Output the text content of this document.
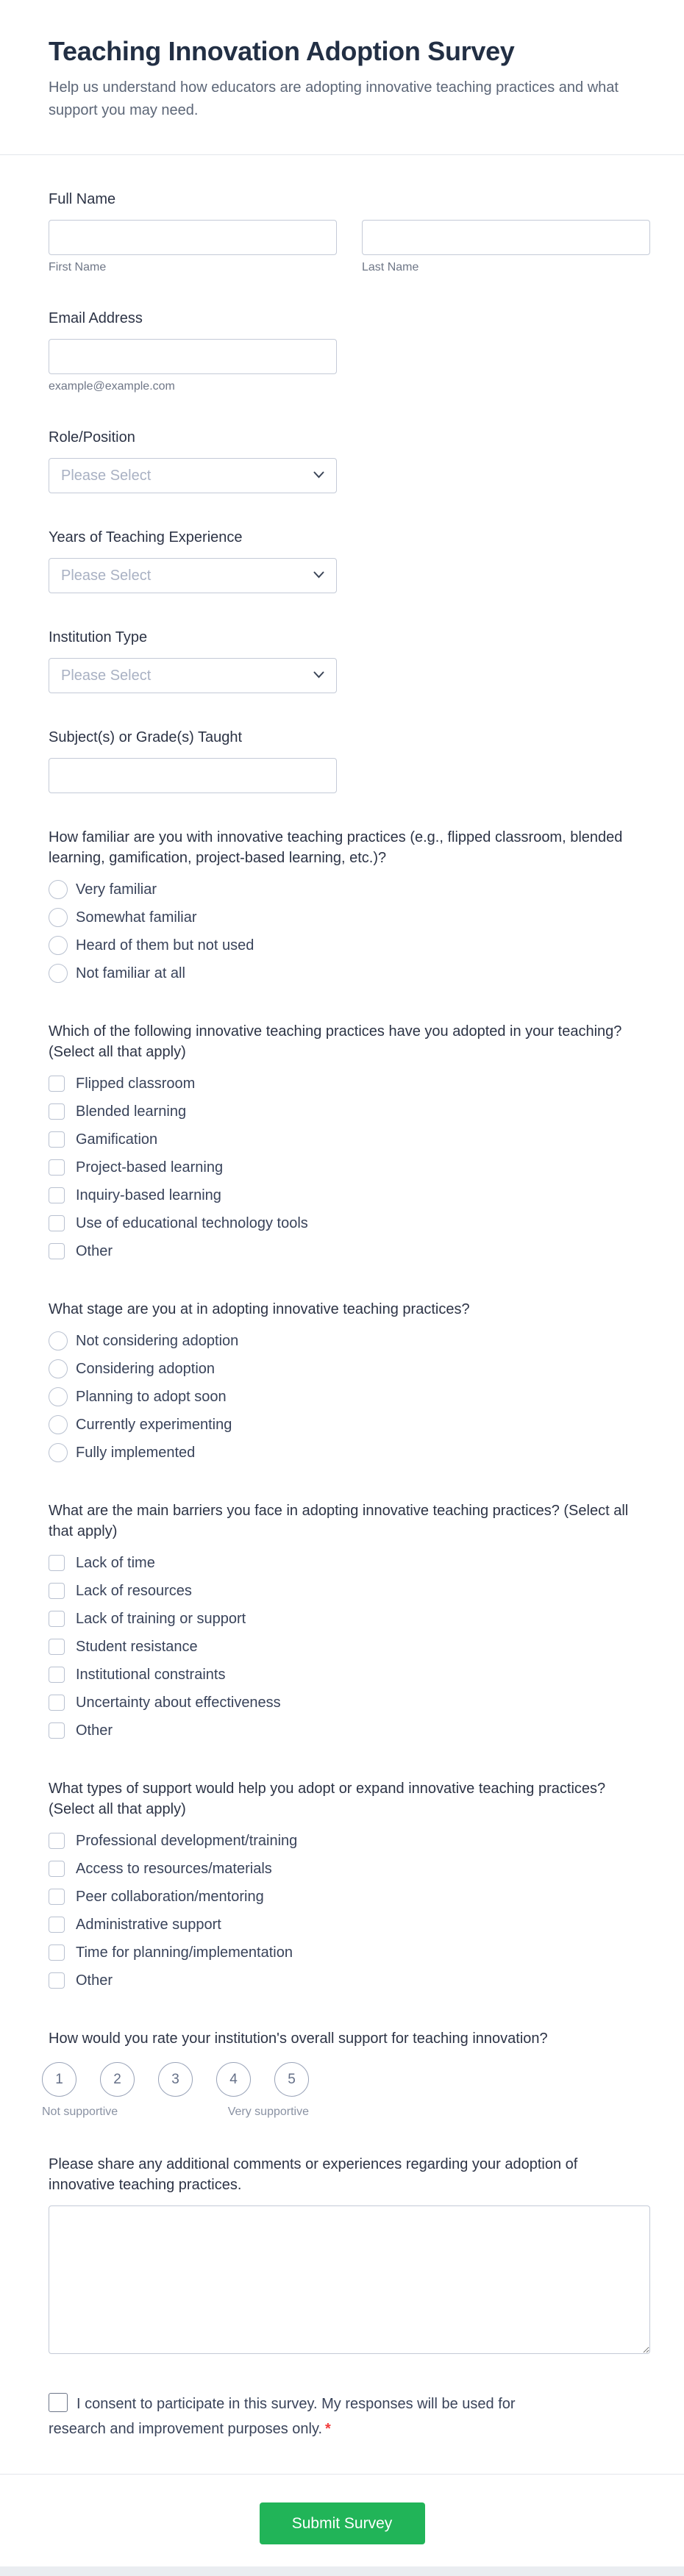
Teaching Innovation Adoption Survey
Help us understand how educators are adopting innovative teaching practices and what support you may need.
Full Name
First Name	Last Name
Email Address
example@example.com
Role/Position
Please Select
Years of Teaching Experience
Please Select
Institution Type
Please Select
Subject(s) or Grade(s) Taught
How familiar are you with innovative teaching practices (e.g., flipped classroom, blended learning, gamification, project-based learning, etc.)?
Very familiar
Somewhat familiar
Heard of them but not used
Not familiar at all
Which of the following innovative teaching practices have you adopted in your teaching? (Select all that apply)
Flipped classroom
Blended learning
Gamification
Project-based learning
Inquiry-based learning
Use of educational technology tools
Other
What stage are you at in adopting innovative teaching practices?
Not considering adoption
Considering adoption
Planning to adopt soon
Currently experimenting
Fully implemented
What are the main barriers you face in adopting innovative teaching practices? (Select all that apply)
Lack of time
Lack of resources
Lack of training or support
Student resistance
Institutional constraints
Uncertainty about effectiveness
Other
What types of support would help you adopt or expand innovative teaching practices? (Select all that apply)
Professional development/training
Access to resources/materials
Peer collaboration/mentoring
Administrative support
Time for planning/implementation
Other
How would you rate your institution's overall support for teaching innovation?
1	2	3	4	5
Not supportive	Very supportive
Please share any additional comments or experiences regarding your adoption of innovative teaching practices.
I consent to participate in this survey. My responses will be used for research and improvement purposes only. *
Submit Survey
